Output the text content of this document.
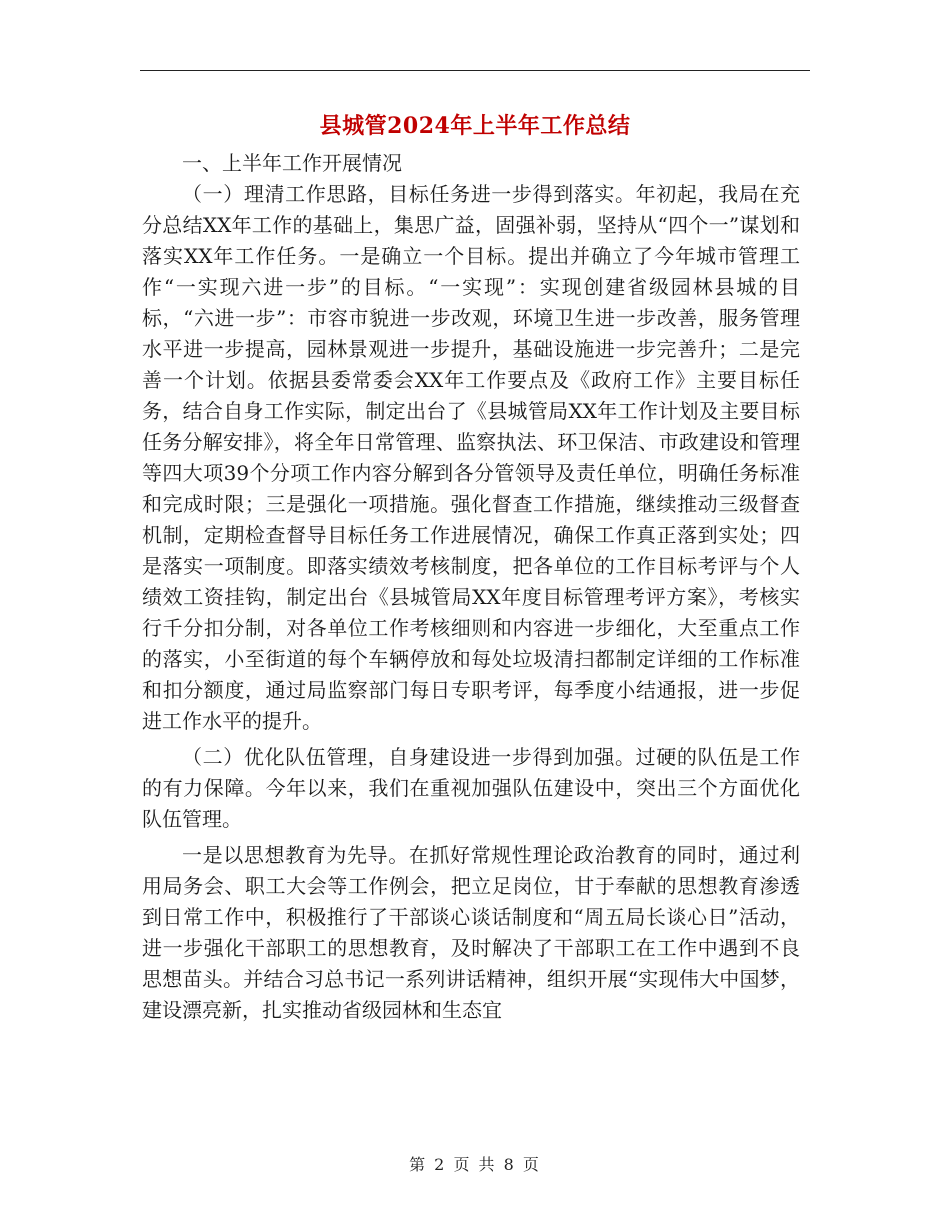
县城管2024年上半年工作总结

一、上半年工作开展情况

（一）理清工作思路，目标任务进一步得到落实。年初起，我局在充分总结XX年工作的基础上，集思广益，固强补弱，坚持从“四个一”谋划和落实XX年工作任务。一是确立一个目标。提出并确立了今年城市管理工作“一实现六进一步”的目标。“一实现”：实现创建省级园林县城的目标，“六进一步”：市容市貌进一步改观，环境卫生进一步改善，服务管理水平进一步提高，园林景观进一步提升，基础设施进一步完善升；二是完善一个计划。依据县委常委会XX年工作要点及《政府工作》主要目标任务，结合自身工作实际，制定出台了《县城管局XX年工作计划及主要目标任务分解安排》，将全年日常管理、监察执法、环卫保洁、市政建设和管理等四大项39个分项工作内容分解到各分管领导及责任单位，明确任务标准和完成时限；三是强化一项措施。强化督查工作措施，继续推动三级督查机制，定期检查督导目标任务工作进展情况，确保工作真正落到实处；四是落实一项制度。即落实绩效考核制度，把各单位的工作目标考评与个人绩效工资挂钩，制定出台《县城管局XX年度目标管理考评方案》，考核实行千分扣分制，对各单位工作考核细则和内容进一步细化，大至重点工作的落实，小至街道的每个车辆停放和每处垃圾清扫都制定详细的工作标准和扣分额度，通过局监察部门每日专职考评，每季度小结通报，进一步促进工作水平的提升。

（二）优化队伍管理，自身建设进一步得到加强。过硬的队伍是工作的有力保障。今年以来，我们在重视加强队伍建设中，突出三个方面优化队伍管理。

一是以思想教育为先导。在抓好常规性理论政治教育的同时，通过利用局务会、职工大会等工作例会，把立足岗位，甘于奉献的思想教育渗透到日常工作中，积极推行了干部谈心谈话制度和“周五局长谈心日”活动，进一步强化干部职工的思想教育，及时解决了干部职工在工作中遇到不良思想苗头。并结合习总书记一系列讲话精神，组织开展“实现伟大中国梦，建设漂亮新，扎实推动省级园林和生态宜

第 2 页 共 8 页
